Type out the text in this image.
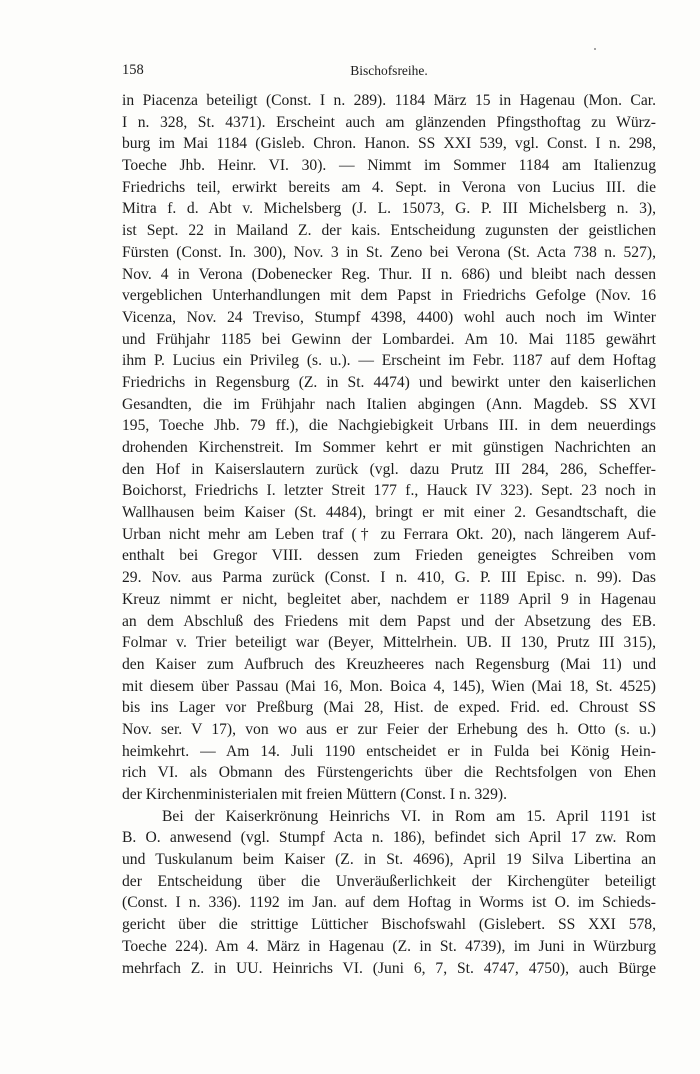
158	Bischofsreihe.
in Piacenza beteiligt (Const. I n. 289). 1184 März 15 in Hagenau (Mon. Car.
I n. 328, St. 4371). Erscheint auch am glänzenden Pfingsthoftag zu Würz-
burg im Mai 1184 (Gisleb. Chron. Hanon. SS XXI 539, vgl. Const. I n. 298,
Toeche Jhb. Heinr. VI. 30). — Nimmt im Sommer 1184 am Italienzug
Friedrichs teil, erwirkt bereits am 4. Sept. in Verona von Lucius III. die
Mitra f. d. Abt v. Michelsberg (J. L. 15073, G. P. III Michelsberg n. 3),
ist Sept. 22 in Mailand Z. der kais. Entscheidung zugunsten der geistlichen
Fürsten (Const. In. 300), Nov. 3 in St. Zeno bei Verona (St. Acta 738 n. 527),
Nov. 4 in Verona (Dobenecker Reg. Thur. II n. 686) und bleibt nach dessen
vergeblichen Unterhandlungen mit dem Papst in Friedrichs Gefolge (Nov. 16
Vicenza, Nov. 24 Treviso, Stumpf 4398, 4400) wohl auch noch im Winter
und Frühjahr 1185 bei Gewinn der Lombardei. Am 10. Mai 1185 gewährt
ihm P. Lucius ein Privileg (s. u.). — Erscheint im Febr. 1187 auf dem Hoftag
Friedrichs in Regensburg (Z. in St. 4474) und bewirkt unter den kaiserlichen
Gesandten, die im Frühjahr nach Italien abgingen (Ann. Magdeb. SS XVI
195, Toeche Jhb. 79 ff.), die Nachgiebigkeit Urbans III. in dem neuerdings
drohenden Kirchenstreit. Im Sommer kehrt er mit günstigen Nachrichten an
den Hof in Kaiserslautern zurück (vgl. dazu Prutz III 284, 286, Scheffer-
Boichorst, Friedrichs I. letzter Streit 177 f., Hauck IV 323). Sept. 23 noch in
Wallhausen beim Kaiser (St. 4484), bringt er mit einer 2. Gesandtschaft, die
Urban nicht mehr am Leben traf († zu Ferrara Okt. 20), nach längerem Auf-
enthalt bei Gregor VIII. dessen zum Frieden geneigtes Schreiben vom
29. Nov. aus Parma zurück (Const. I n. 410, G. P. III Episc. n. 99). Das
Kreuz nimmt er nicht, begleitet aber, nachdem er 1189 April 9 in Hagenau
an dem Abschluß des Friedens mit dem Papst und der Absetzung des EB.
Folmar v. Trier beteiligt war (Beyer, Mittelrhein. UB. II 130, Prutz III 315),
den Kaiser zum Aufbruch des Kreuzheeres nach Regensburg (Mai 11) und
mit diesem über Passau (Mai 16, Mon. Boica 4, 145), Wien (Mai 18, St. 4525)
bis ins Lager vor Preßburg (Mai 28, Hist. de exped. Frid. ed. Chroust SS
Nov. ser. V 17), von wo aus er zur Feier der Erhebung des h. Otto (s. u.)
heimkehrt. — Am 14. Juli 1190 entscheidet er in Fulda bei König Hein-
rich VI. als Obmann des Fürstengerichts über die Rechtsfolgen von Ehen
der Kirchenministerialen mit freien Müttern (Const. I n. 329).
Bei der Kaiserkrönung Heinrichs VI. in Rom am 15. April 1191 ist
B. O. anwesend (vgl. Stumpf Acta n. 186), befindet sich April 17 zw. Rom
und Tuskulanum beim Kaiser (Z. in St. 4696), April 19 Silva Libertina an
der Entscheidung über die Unveräußerlichkeit der Kirchengüter beteiligt
(Const. I n. 336). 1192 im Jan. auf dem Hoftag in Worms ist O. im Schieds-
gericht über die strittige Lütticher Bischofswahl (Gislebert. SS XXI 578,
Toeche 224). Am 4. März in Hagenau (Z. in St. 4739), im Juni in Würzburg
mehrfach Z. in UU. Heinrichs VI. (Juni 6, 7, St. 4747, 4750), auch Bürge
